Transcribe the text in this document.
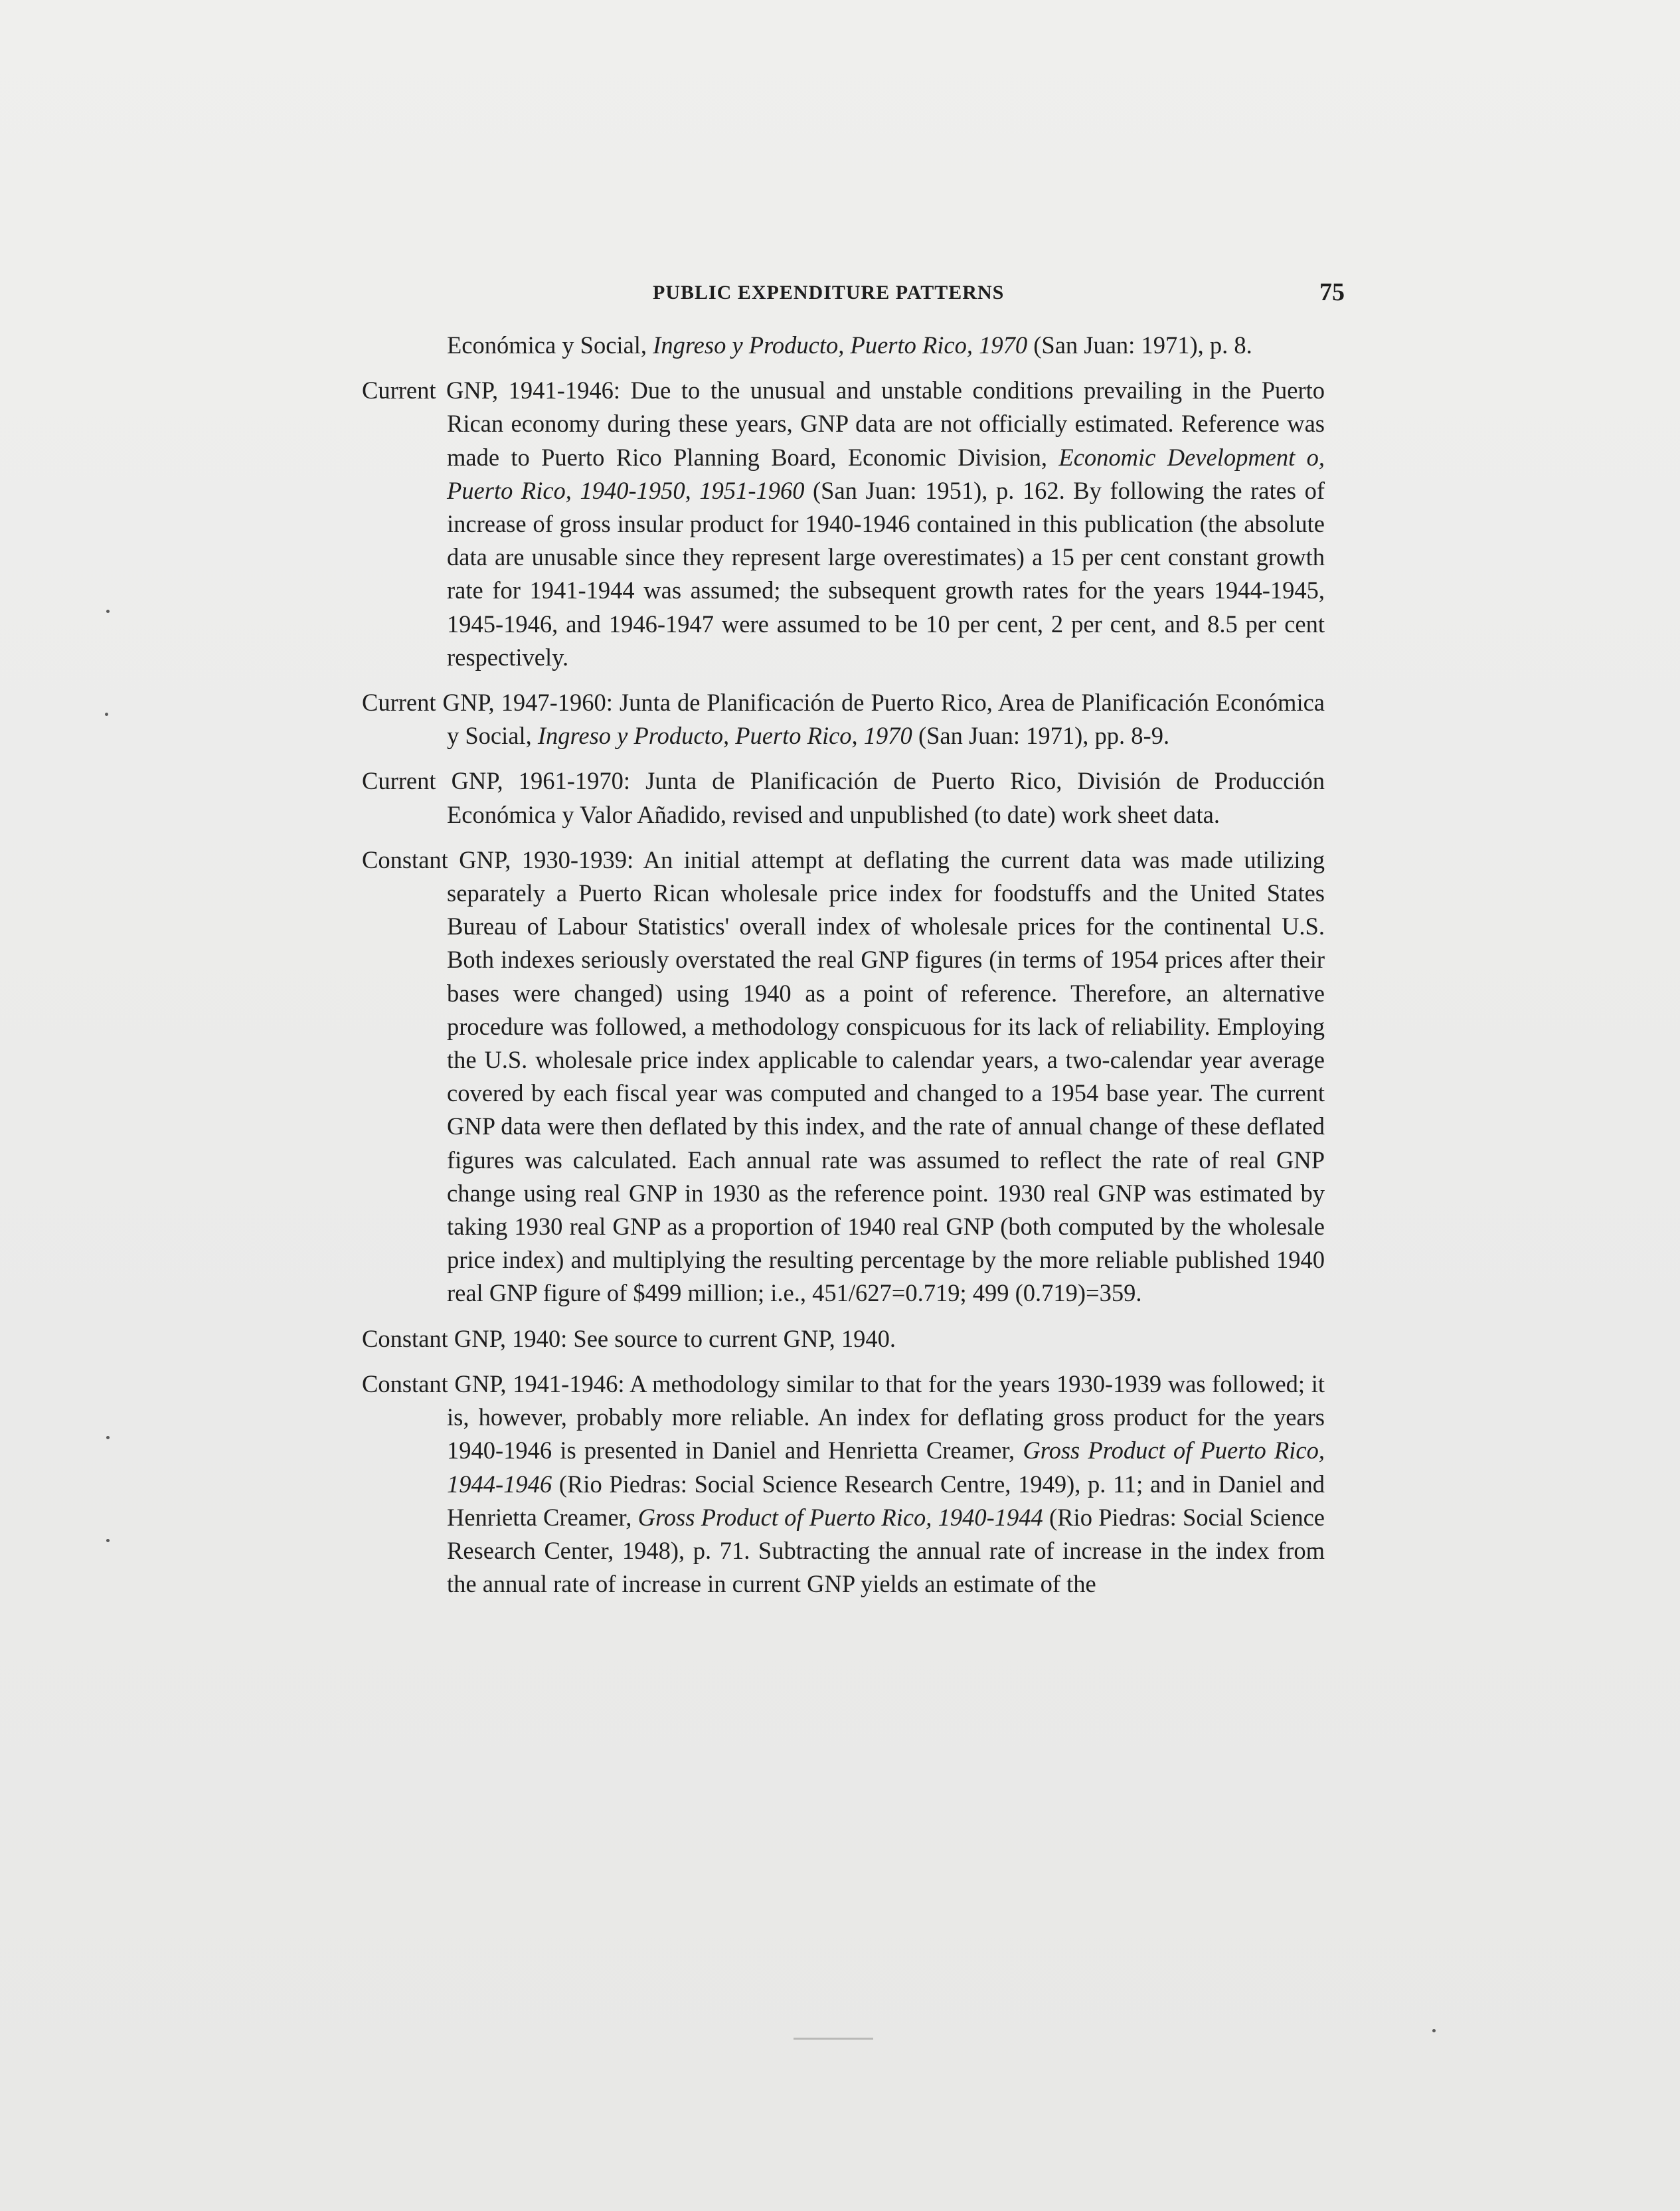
PUBLIC EXPENDITURE PATTERNS	75

Económica y Social, Ingreso y Producto, Puerto Rico, 1970 (San Juan: 1971), p. 8.

Current GNP, 1941-1946: Due to the unusual and unstable conditions prevailing in the Puerto Rican economy during these years, GNP data are not officially estimated. Reference was made to Puerto Rico Planning Board, Economic Division, Economic Development o, Puerto Rico, 1940-1950, 1951-1960 (San Juan: 1951), p. 162. By following the rates of increase of gross insular product for 1940-1946 contained in this publication (the absolute data are unusable since they represent large overestimates) a 15 per cent constant growth rate for 1941-1944 was assumed; the subsequent growth rates for the years 1944-1945, 1945-1946, and 1946-1947 were assumed to be 10 per cent, 2 per cent, and 8.5 per cent respectively.

Current GNP, 1947-1960: Junta de Planificación de Puerto Rico, Area de Planificación Económica y Social, Ingreso y Producto, Puerto Rico, 1970 (San Juan: 1971), pp. 8-9.

Current GNP, 1961-1970: Junta de Planificación de Puerto Rico, División de Producción Económica y Valor Añadido, revised and unpublished (to date) work sheet data.

Constant GNP, 1930-1939: An initial attempt at deflating the current data was made utilizing separately a Puerto Rican wholesale price index for foodstuffs and the United States Bureau of Labour Statistics' overall index of wholesale prices for the continental U.S. Both indexes seriously overstated the real GNP figures (in terms of 1954 prices after their bases were changed) using 1940 as a point of reference. Therefore, an alternative procedure was followed, a methodology conspicuous for its lack of reliability. Employing the U.S. wholesale price index applicable to calendar years, a two-calendar year average covered by each fiscal year was computed and changed to a 1954 base year. The current GNP data were then deflated by this index, and the rate of annual change of these deflated figures was calculated. Each annual rate was assumed to reflect the rate of real GNP change using real GNP in 1930 as the reference point. 1930 real GNP was estimated by taking 1930 real GNP as a proportion of 1940 real GNP (both computed by the wholesale price index) and multiplying the resulting percentage by the more reliable published 1940 real GNP figure of $499 million; i.e., 451/627=0.719; 499 (0.719)=359.

Constant GNP, 1940: See source to current GNP, 1940.

Constant GNP, 1941-1946: A methodology similar to that for the years 1930-1939 was followed; it is, however, probably more reliable. An index for deflating gross product for the years 1940-1946 is presented in Daniel and Henrietta Creamer, Gross Product of Puerto Rico, 1944-1946 (Rio Piedras: Social Science Research Centre, 1949), p. 11; and in Daniel and Henrietta Creamer, Gross Product of Puerto Rico, 1940-1944 (Rio Piedras: Social Science Research Center, 1948), p. 71. Subtracting the annual rate of increase in the index from the annual rate of increase in current GNP yields an estimate of the
